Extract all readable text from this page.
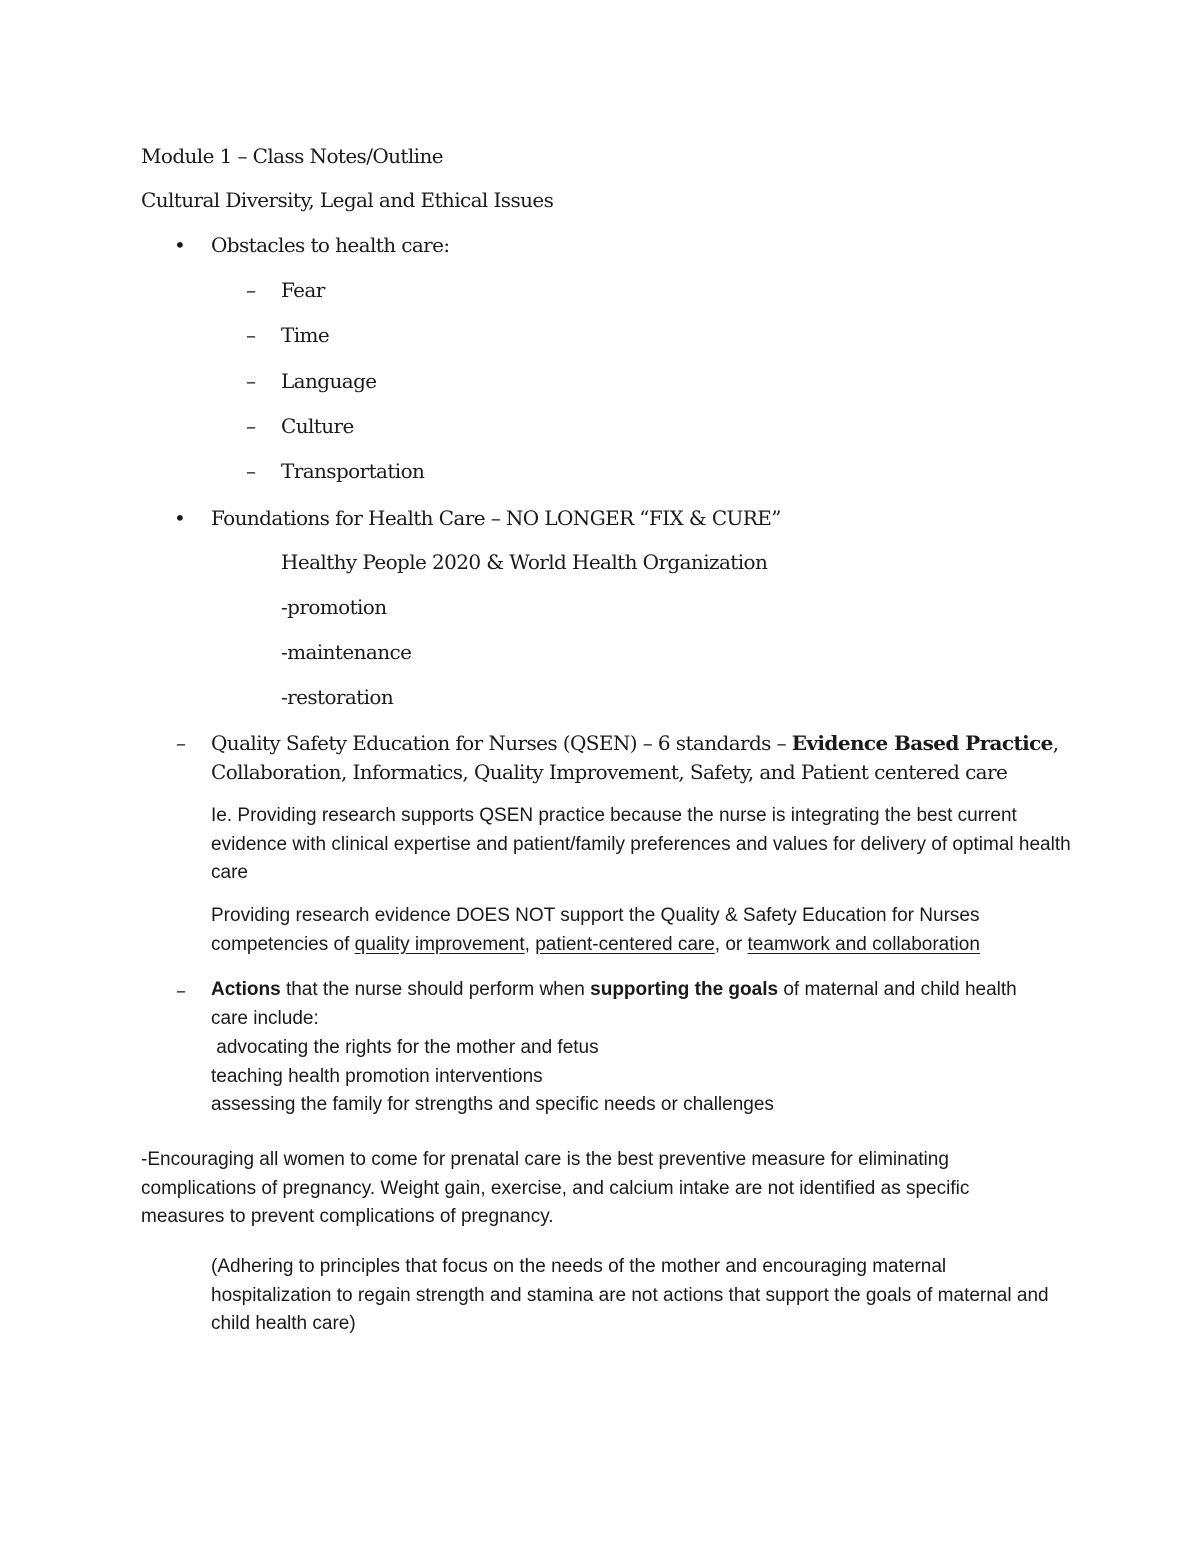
Module 1 – Class Notes/Outline
Cultural Diversity, Legal and Ethical Issues
• Obstacles to health care:
– Fear
– Time
– Language
– Culture
– Transportation
• Foundations for Health Care – NO LONGER “FIX & CURE”
Healthy People 2020 & World Health Organization
-promotion
-maintenance
-restoration
– Quality Safety Education for Nurses (QSEN) – 6 standards – Evidence Based Practice,
Collaboration, Informatics, Quality Improvement, Safety, and Patient centered care
Ie. Providing research supports QSEN practice because the nurse is integrating the best current evidence with clinical expertise and patient/family preferences and values for delivery of optimal health care
Providing research evidence DOES NOT support the Quality & Safety Education for Nurses
competencies of quality improvement, patient-centered care, or teamwork and collaboration
– Actions that the nurse should perform when supporting the goals of maternal and child health
care include:
advocating the rights for the mother and fetus
teaching health promotion interventions
assessing the family for strengths and specific needs or challenges
-Encouraging all women to come for prenatal care is the best preventive measure for eliminating complications of pregnancy. Weight gain, exercise, and calcium intake are not identified as specific measures to prevent complications of pregnancy.
(Adhering to principles that focus on the needs of the mother and encouraging maternal hospitalization to regain strength and stamina are not actions that support the goals of maternal and child health care)
